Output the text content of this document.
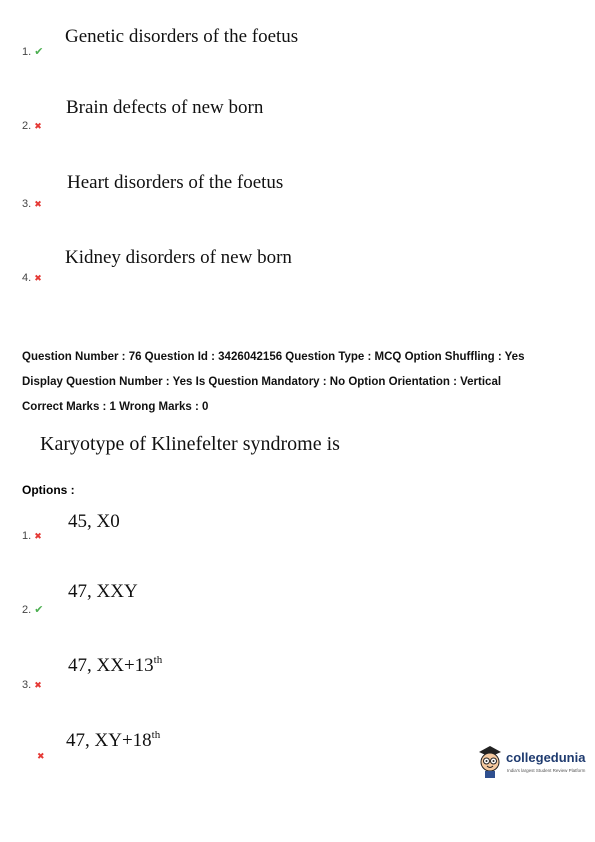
Genetic disorders of the foetus
1. ✔
Brain defects of new born
2. ✖
Heart disorders of the foetus
3. ✖
Kidney disorders of new born
4. ✖
Question Number : 76 Question Id : 3426042156 Question Type : MCQ Option Shuffling : Yes
Display Question Number : Yes Is Question Mandatory : No Option Orientation : Vertical
Correct Marks : 1 Wrong Marks : 0
Karyotype of Klinefelter syndrome is
Options :
45, X0
1. ✖
47, XXY
2. ✔
47, XX+13th
3. ✖
47, XY+18th
✖	collegedunia
India's largest Student Review Platform
